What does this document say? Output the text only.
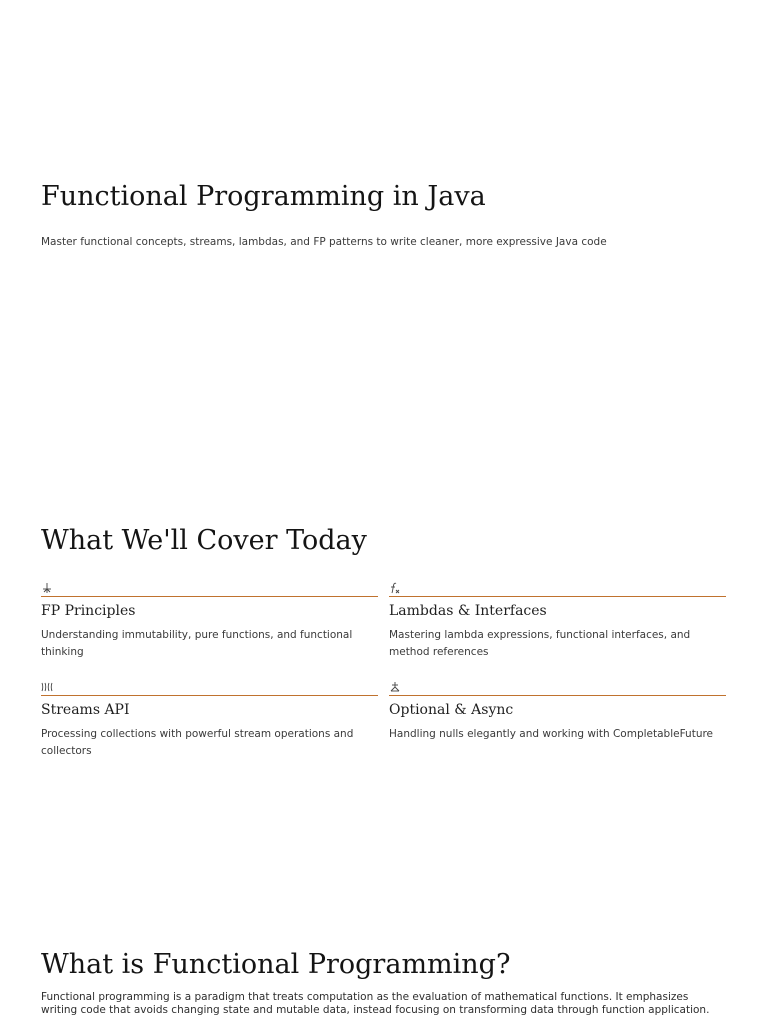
Functional Programming in Java
Master functional concepts, streams, lambdas, and FP patterns to write cleaner, more expressive Java code
What We'll Cover Today
FP Principles
Understanding immutability, pure functions, and functional thinking
Lambdas & Interfaces
Mastering lambda expressions, functional interfaces, and method references
Streams API
Processing collections with powerful stream operations and collectors
Optional & Async
Handling nulls elegantly and working with CompletableFuture
What is Functional Programming?
Functional programming is a paradigm that treats computation as the evaluation of mathematical functions. It emphasizes writing code that avoids changing state and mutable data, instead focusing on transforming data through function application.
